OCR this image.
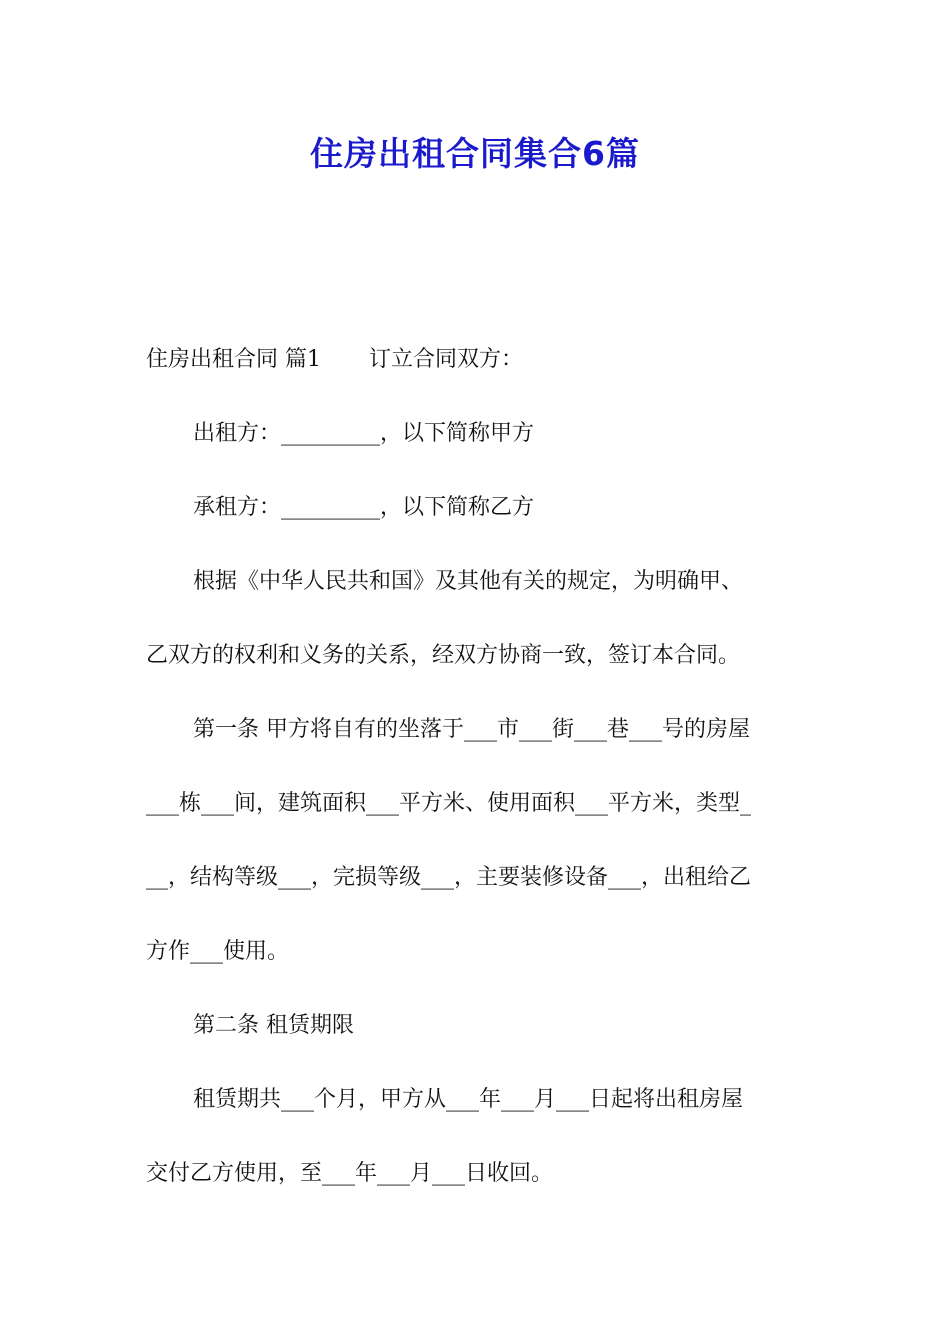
住房出租合同集合6篇
住房出租合同 篇1 订立合同双方：
出租方：_________，以下简称甲方
承租方：_________，以下简称乙方
根据《中华人民共和国》及其他有关的规定，为明确甲、
乙双方的权利和义务的关系，经双方协商一致，签订本合同。
第一条 甲方将自有的坐落于___市___街___巷___号的房屋
___栋___间，建筑面积___平方米、使用面积___平方米，类型_
__，结构等级___，完损等级___，主要装修设备___，出租给乙
方作___使用。
第二条 租赁期限
租赁期共___个月，甲方从___年___月___日起将出租房屋
交付乙方使用，至___年___月___日收回。
